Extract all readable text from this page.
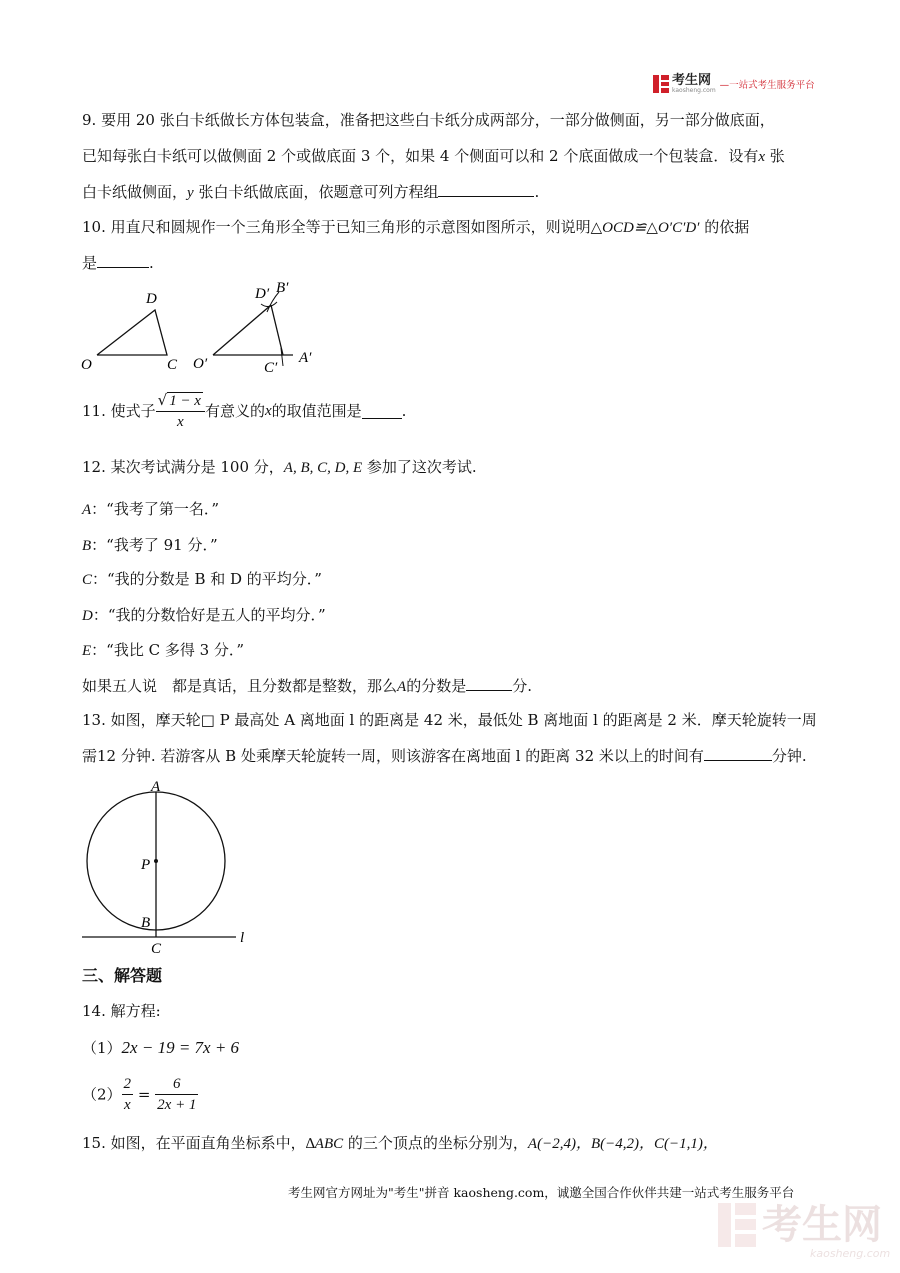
考生网
kaosheng.com —一站式考生服务平台
9. 要用 20 张白卡纸做长方体包装盒，准备把这些白卡纸分成两部分，一部分做侧面，另一部分做底面，
已知每张白卡纸可以做侧面 2 个或做底面 3 个，如果 4 个侧面可以和 2 个底面做成一个包装盒．设有x 张
白卡纸做侧面，y 张白卡纸做底面，依题意可列方程组	.
10. 用直尺和圆规作一个三角形全等于已知三角形的示意图如图所示，则说明△OCD≌△O′C′D′ 的依据
是	.
D
O	C
D′ B′
O′	C′
A′
11. 使式子 $\frac{√ 1 - x}{x}$ 有意义的x的取值范围是	.
12. 某次考试满分是 100 分，A, B, C, D, E 参加了这次考试.
A：“我考了第一名．”
B：“我考了 91 分．”
C：“我的分数是 B 和 D 的平均分．”
D：“我的分数恰好是五人的平均分．”
E：“我比 C 多得 3 分．”
如果五人说　都是真话，且分数都是整数，那么A的分数是	分.
13. 如图，摩天轮□ P 最高处 A 离地面 l 的距离是 42 米，最低处 B 离地面 l 的距离是 2 米．摩天轮旋转一周
需12 分钟. 若游客从 B 处乘摩天轮旋转一周，则该游客在离地面 l 的距离 32 米以上的时间有	分钟.
A
P
B
C
l
三、解答题
14. 解方程:
（1）2x − 19 = 7x + 6
$(2) \frac{2}{x} = \frac{6}{2x + 1}$
15. 如图，在平面直角坐标系中，∆ABC 的三个顶点的坐标分别为，A(−2,4)，B(−4,2)，C(−1,1)，
考生网官方网址为"考生"拼音 kaosheng.com，诚邀全国合作伙伴共建一站式考生服务平台
考生网
kaosheng.com
